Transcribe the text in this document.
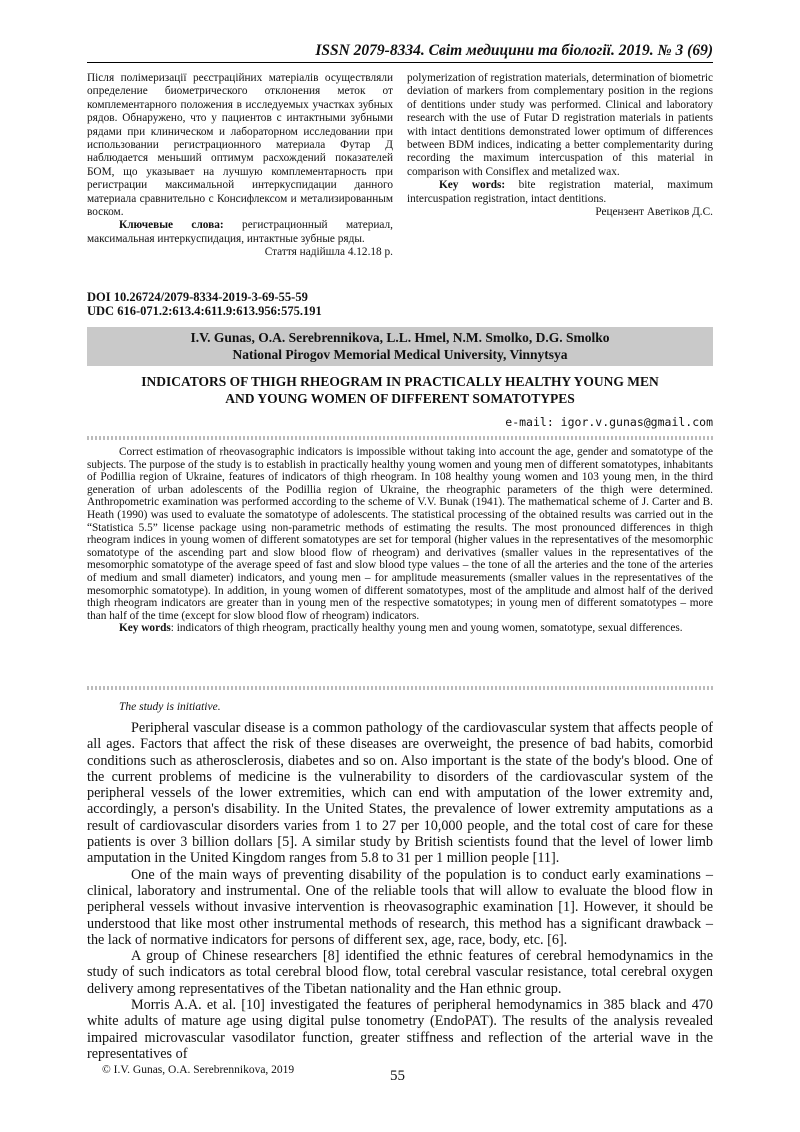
ISSN 2079-8334. Світ медицини та біології. 2019. № 3 (69)

Після полімеризації реєстраційних матеріалів осуществляли определение биометрического отклонения меток от комплементарного положения в исследуемых участках зубных рядов. Обнаружено, что у пациентов с интактными зубными рядами при клиническом и лабораторном исследовании при использовании регистрационного материала Футар Д наблюдается меньший оптимум расхождений показателей БОМ, що указывает на лучшую комплементарность при регистрации максимальной интеркуспидации данного материала сравнительно с Консифлексом и метализированным воском.

Ключевые слова: регистрационный материал, максимальная интеркуспидация, интактные зубные ряды.

Стаття надійшла 4.12.18 р.

polymerization of registration materials, determination of biometric deviation of markers from complementary position in the regions of dentitions under study was performed. Clinical and laboratory research with the use of Futar D registration materials in patients with intact dentitions demonstrated lower optimum of differences between BDM indices, indicating a better complementarity during recording the maximum intercuspation of this material in comparison with Consiflex and metalized wax.

Key words: bite registration material, maximum intercuspation registration, intact dentitions.

Рецензент Аветіков Д.С.

DOI 10.26724/2079-8334-2019-3-69-55-59
UDC 616-071.2:613.4:611.9:613.956:575.191
I.V. Gunas, O.A. Serebrennikova, L.L. Hmel, N.M. Smolko, D.G. Smolko
National Pirogov Memorial Medical University, Vinnytsya
INDICATORS OF THIGH RHEOGRAM IN PRACTICALLY HEALTHY YOUNG MEN
AND YOUNG WOMEN OF DIFFERENT SOMATOTYPES
e-mail: igor.v.gunas@gmail.com

Correct estimation of rheovasographic indicators is impossible without taking into account the age, gender and somatotype of the subjects. The purpose of the study is to establish in practically healthy young women and young men of different somatotypes, inhabitants of Podillia region of Ukraine, features of indicators of thigh rheogram. In 108 healthy young women and 103 young men, in the third generation of urban adolescents of the Podillia region of Ukraine, the rheographic parameters of the thigh were determined. Anthropometric examination was performed according to the scheme of V.V. Bunak (1941). The mathematical scheme of J. Carter and B. Heath (1990) was used to evaluate the somatotype of adolescents. The statistical processing of the obtained results was carried out in the “Statistica 5.5” license package using non-parametric methods of estimating the results. The most pronounced differences in thigh rheogram indices in young women of different somatotypes are set for temporal (higher values in the representatives of the mesomorphic somatotype of the ascending part and slow blood flow of rheogram) and derivatives (smaller values in the representatives of the mesomorphic somatotype of the average speed of fast and slow blood type values – the tone of all the arteries and the tone of the arteries of medium and small diameter) indicators, and young men – for amplitude measurements (smaller values in the representatives of the mesomorphic somatotype). In addition, in young women of different somatotypes, most of the amplitude and almost half of the derived thigh rheogram indicators are greater than in young men of the respective somatotypes; in young men of different somatotypes – more than half of the time (except for slow blood flow of rheogram) indicators.

Key words: indicators of thigh rheogram, practically healthy young men and young women, somatotype, sexual differences.

The study is initiative.

Peripheral vascular disease is a common pathology of the cardiovascular system that affects people of all ages. Factors that affect the risk of these diseases are overweight, the presence of bad habits, comorbid conditions such as atherosclerosis, diabetes and so on. Also important is the state of the body's blood. One of the current problems of medicine is the vulnerability to disorders of the cardiovascular system of the peripheral vessels of the lower extremities, which can end with amputation of the lower extremity and, accordingly, a person's disability. In the United States, the prevalence of lower extremity amputations as a result of cardiovascular disorders varies from 1 to 27 per 10,000 people, and the total cost of care for these patients is over 3 billion dollars [5]. A similar study by British scientists found that the level of lower limb amputation in the United Kingdom ranges from 5.8 to 31 per 1 million people [11].

One of the main ways of preventing disability of the population is to conduct early examinations – clinical, laboratory and instrumental. One of the reliable tools that will allow to evaluate the blood flow in peripheral vessels without invasive intervention is rheovasographic examination [1]. However, it should be understood that like most other instrumental methods of research, this method has a significant drawback – the lack of normative indicators for persons of different sex, age, race, body, etc. [6].

A group of Chinese researchers [8] identified the ethnic features of cerebral hemodynamics in the study of such indicators as total cerebral blood flow, total cerebral vascular resistance, total cerebral oxygen delivery among representatives of the Tibetan nationality and the Han ethnic group.

Morris A.A. et al. [10] investigated the features of peripheral hemodynamics in 385 black and 470 white adults of mature age using digital pulse tonometry (EndoPAT). The results of the analysis revealed impaired microvascular vasodilator function, greater stiffness and reflection of the arterial wave in the representatives of

© I.V. Gunas, O.A. Serebrennikova, 2019	55
